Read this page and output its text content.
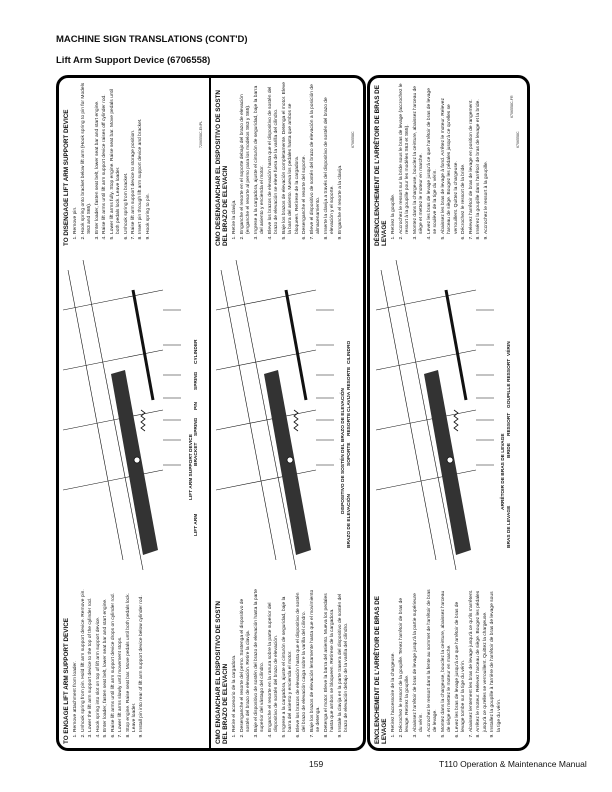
MACHINE SIGN TRANSLATIONS (CONT'D)
Lift Arm Support Device (6706558)
TO ENGAGE LIFT ARM SUPPORT DEVICE 1. Remove attachment from loader. 2. Unhook spring from pin. Hold lift arm support device. Remove pin. 3. Lower the lift arm support device to the top of the cylinder rod. 4. Hook spring into slot on top of lift arm support device. 5. Enter loader, fasten seat belt, lower seat bar and start engine. 6. Raise lift arms until lift arm support device drops on cylinder rod. 7. Lower lift arms slowly until movement stops. 8. Stop engine. Raise seat bar. Move pedals until both pedals lock. Leave loader. 9. Install pin into rear of lift arm support device below cylinder rod.
LIFT ARM
LIFT ARM SUPPORT DEVICE BRACKET
SPRING
PIN
SPRING
CYLINDER
TO DISENGAGE LIFT ARM SUPPORT DEVICE 1. Remove pin. 2. Hook spring onto bracket below lift arm (Hook spring to pin for Models S63 and S65). 3. Enter loader, fasten seat belt, lower seat bar and start engine. 4. Raise lift arms until lift arm support device raises off cylinder rod. 5. Lower lift arms fully. Stop engine. Raise seat bar. Move pedals until both pedals lock. Leave loader. 6. Unhook spring from bracket. 7. Raise lift arm support device to storage position. 8. Insert pin through lift arm support device and bracket. 9. Hook spring to pin.
7206558C-ENPL
CMO ENGANCHAR EL DISPOSITIVO DE SOSTN DEL BRAZO DE ELEVACIN 1. Retire el accesorio de la cargadora. 2. Desenganche el resorte del perno. Sostenga el dispositivo de sostén del brazo de elevación. Retire la clavija. 3. Baje el dispositivo de sostén del brazo de elevación hasta la parte superior del vástago del cilindro. 4. Enganche el resorte en la ranura sobre la parte superior del dispositivo de sostén del brazo de elevación. 5. Ingrese a la cargadora, ajuste el cinturón de seguridad, baje la barra del asiento y encienda el motor. 6. Eleve los brazos de elevación hasta que el dispositivo de sostén del brazo de elevación caiga sobre la varilla del cilindro. 7. Baje los brazos de elevación lentamente hasta que el movimiento se detenga. 8. Detenga el motor. Eleve la barra del asiento. Mueva los pedales hasta que ambos se bloqueen. Retírese de la cargadora. 9. Instale la clavija en la parte trasera del dispositivo de sostén del brazo de elevación debajo de la varilla del cilindro.
BRAZO DE ELEVACIÓN
DISPOSITIVO DE SOSTÉN DEL BRAZO DE ELEVACIÓN SOPORTE
RESORTE
CLAVIJA
RESORTE
CILINDRO
CMO DESENGANCHAR EL DISPOSITIVO DE SOSTN DEL BRAZO DE ELEVACIN 1. Retire la clavija. 2. Enganche el resorte en el soporte debajo del brazo de elevación (enganche el resorte al perno para los modelos S63 y S65). 3. Ingrese a la cargadora, ajuste el cinturón de seguridad, baje la barra del asiento y encienda el motor. 4. Eleve los brazos de elevación hasta que el dispositivo de sostén del brazo de elevación se eleve fuera de la varilla del cilindro. 5. Baje los brazos de elevación completamente. Detenga el motor. Eleve la barra del asiento. Mueva los pedales hasta que ambos se bloqueen. Retírese de la cargadora. 6. Desenganche el resorte del soporte. 7. Eleve el dispositivo de sostén del brazo de elevación a la posición de almacenamiento. 8. Inserte la clavija a través del dispositivo de sostén del brazo de elevación y el soporte. 9. Enganche el resorte a la clavija.
6706558C
ENCLENCHEMENT DE L'ARRÊTOIR DE BRAS DE LEVAGE 1. Retirez l'accessoire de la chargeuse. 2. Décrochez le ressort de la goupille. Tenez l'arrêtoir de bras de levage. Retirez la goupille. 3. Abaissez l'arrêtoir de bras de levage jusqu'à la partie supérieure du vérin. 4. Accrochez le ressort dans la fente au sommet de l'arrêtoir de bras de levage. 5. Montez dans la chargeuse, bouclez la ceinture, abaissez l'arceau de siège et mettez le moteur en marche. 6. Levez les bras de levage jusqu'à ce que l'arrêtoir de bras de levage tombe sur la tige du vérin. 7. Abaissez lentement les bras de levage jusqu'à ce qu'ils s'arrêtent. 8. Arrêtez le moteur. Relevez l'arceau de siège. Bougez les pédales jusqu'à ce qu'elles se verrouillent. Quittez la chargeuse. 9. Installez la goupille à l'arrière de l'arrêtoir de bras de levage sous la tige du vérin.
BRAS DE LEVAGE
ARRÊTOIR DE BRAS DE LEVAGE BRIDE
RESSORT
GOUPILLE
RESSORT
VÉRIN
DÉSENCLENCHEMENT DE L'ARRÊTOIR DE BRAS DE LEVAGE 1. Retirez la goupille. 2. Accrochez le ressort sur la bride sous le bras de levage (accrochez le ressort à la goupille pour les modèles S63 et S65). 3. Montez dans la chargeuse, bouclez la ceinture, abaissez l'arceau de siège et mettez le moteur en marche. 4. Levez les bras de levage jusqu'à ce que l'arrêtoir de bras de levage se soulève de la tige du vérin. 5. Abaissez les bras de levage à fond. Arrêtez le moteur. Relevez l'arceau de siège. Bougez les pédales jusqu'à ce qu'elles se verrouillent. Quittez la chargeuse. 6. Décrochez le ressort de la bride. 7. Relevez l'arrêtoir de bras de levage en position de rangement. 8. Insérez la goupille dans l'arrêtoir de bras de levage et la bride. 9. Accrochez le ressort à la goupille.
6706558C-FR
6706558C
159	T110 Operation & Maintenance Manual
